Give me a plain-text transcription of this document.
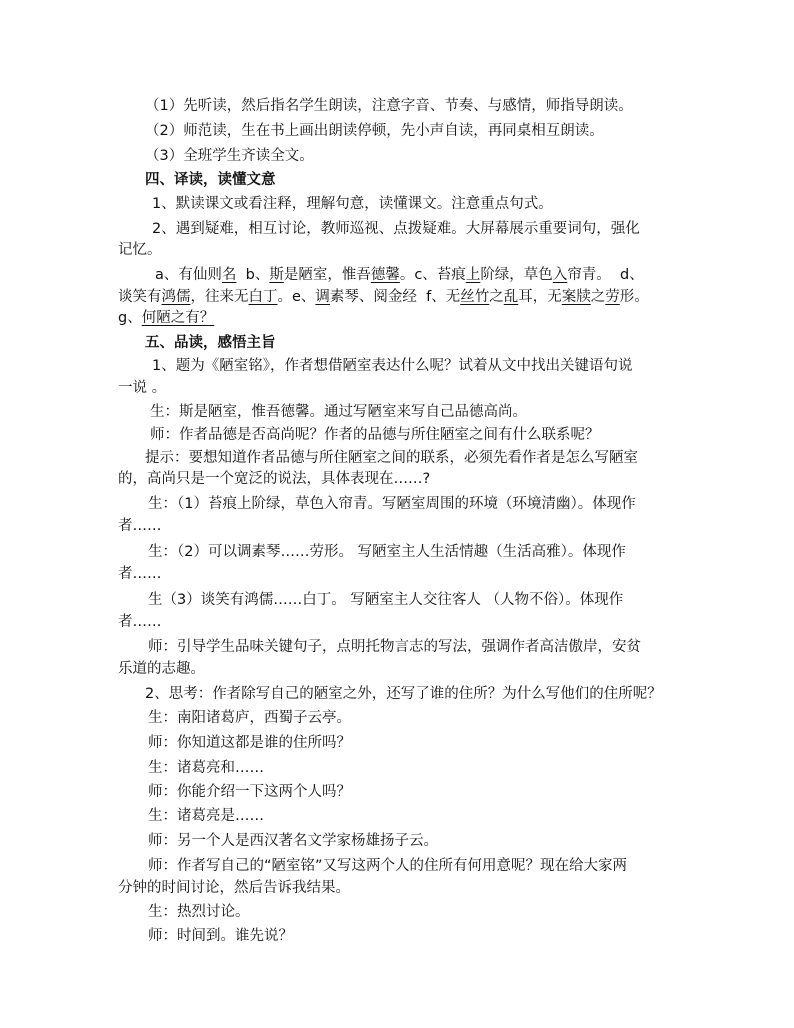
（1）先听读，然后指名学生朗读，注意字音、节奏、与感情，师指导朗读。
（2）师范读，生在书上画出朗读停顿，先小声自读，再同桌相互朗读。
（3）全班学生齐读全文。
四、译读，读懂文意
1、默读课文或看注释，理解句意，读懂课文。注意重点句式。
2、遇到疑难，相互讨论，教师巡视、点拨疑难。大屏幕展示重要词句，强化
记忆。
a、有仙则名  b、斯是陋室，惟吾德馨。c、苔痕上阶绿，草色入帘青。  d、
谈笑有鸿儒，往来无白丁。e、调素琴、阅金经  f、无丝竹之乱耳，无案牍之劳形。
g、何陋之有？
五、品读，感悟主旨
1、题为《陋室铭》，作者想借陋室表达什么呢？试着从文中找出关键语句说
一说 。
生：斯是陋室，惟吾德馨。通过写陋室来写自己品德高尚。
师：作者品德是否高尚呢？作者的品德与所住陋室之间有什么联系呢？
提示：要想知道作者品德与所住陋室之间的联系，必须先看作者是怎么写陋室
的，高尚只是一个宽泛的说法，具体表现在……?
生：（1）苔痕上阶绿，草色入帘青。写陋室周围的环境（环境清幽）。体现作
者……
生：（2）可以调素琴……劳形。 写陋室主人生活情趣（生活高雅）。体现作
者……
生（3）谈笑有鸿儒……白丁。 写陋室主人交往客人 （人物不俗）。体现作
者……
师：引导学生品味关键句子，点明托物言志的写法，强调作者高洁傲岸，安贫
乐道的志趣。
2、思考：作者除写自己的陋室之外，还写了谁的住所？为什么写他们的住所呢？
生：南阳诸葛庐，西蜀子云亭。
师：你知道这都是谁的住所吗？
生：诸葛亮和……
师：你能介绍一下这两个人吗？
生：诸葛亮是……
师：另一个人是西汉著名文学家杨雄扬子云。
师：作者写自己的“陋室铭”又写这两个人的住所有何用意呢？现在给大家两
分钟的时间讨论，然后告诉我结果。
生：热烈讨论。
师：时间到。谁先说？
